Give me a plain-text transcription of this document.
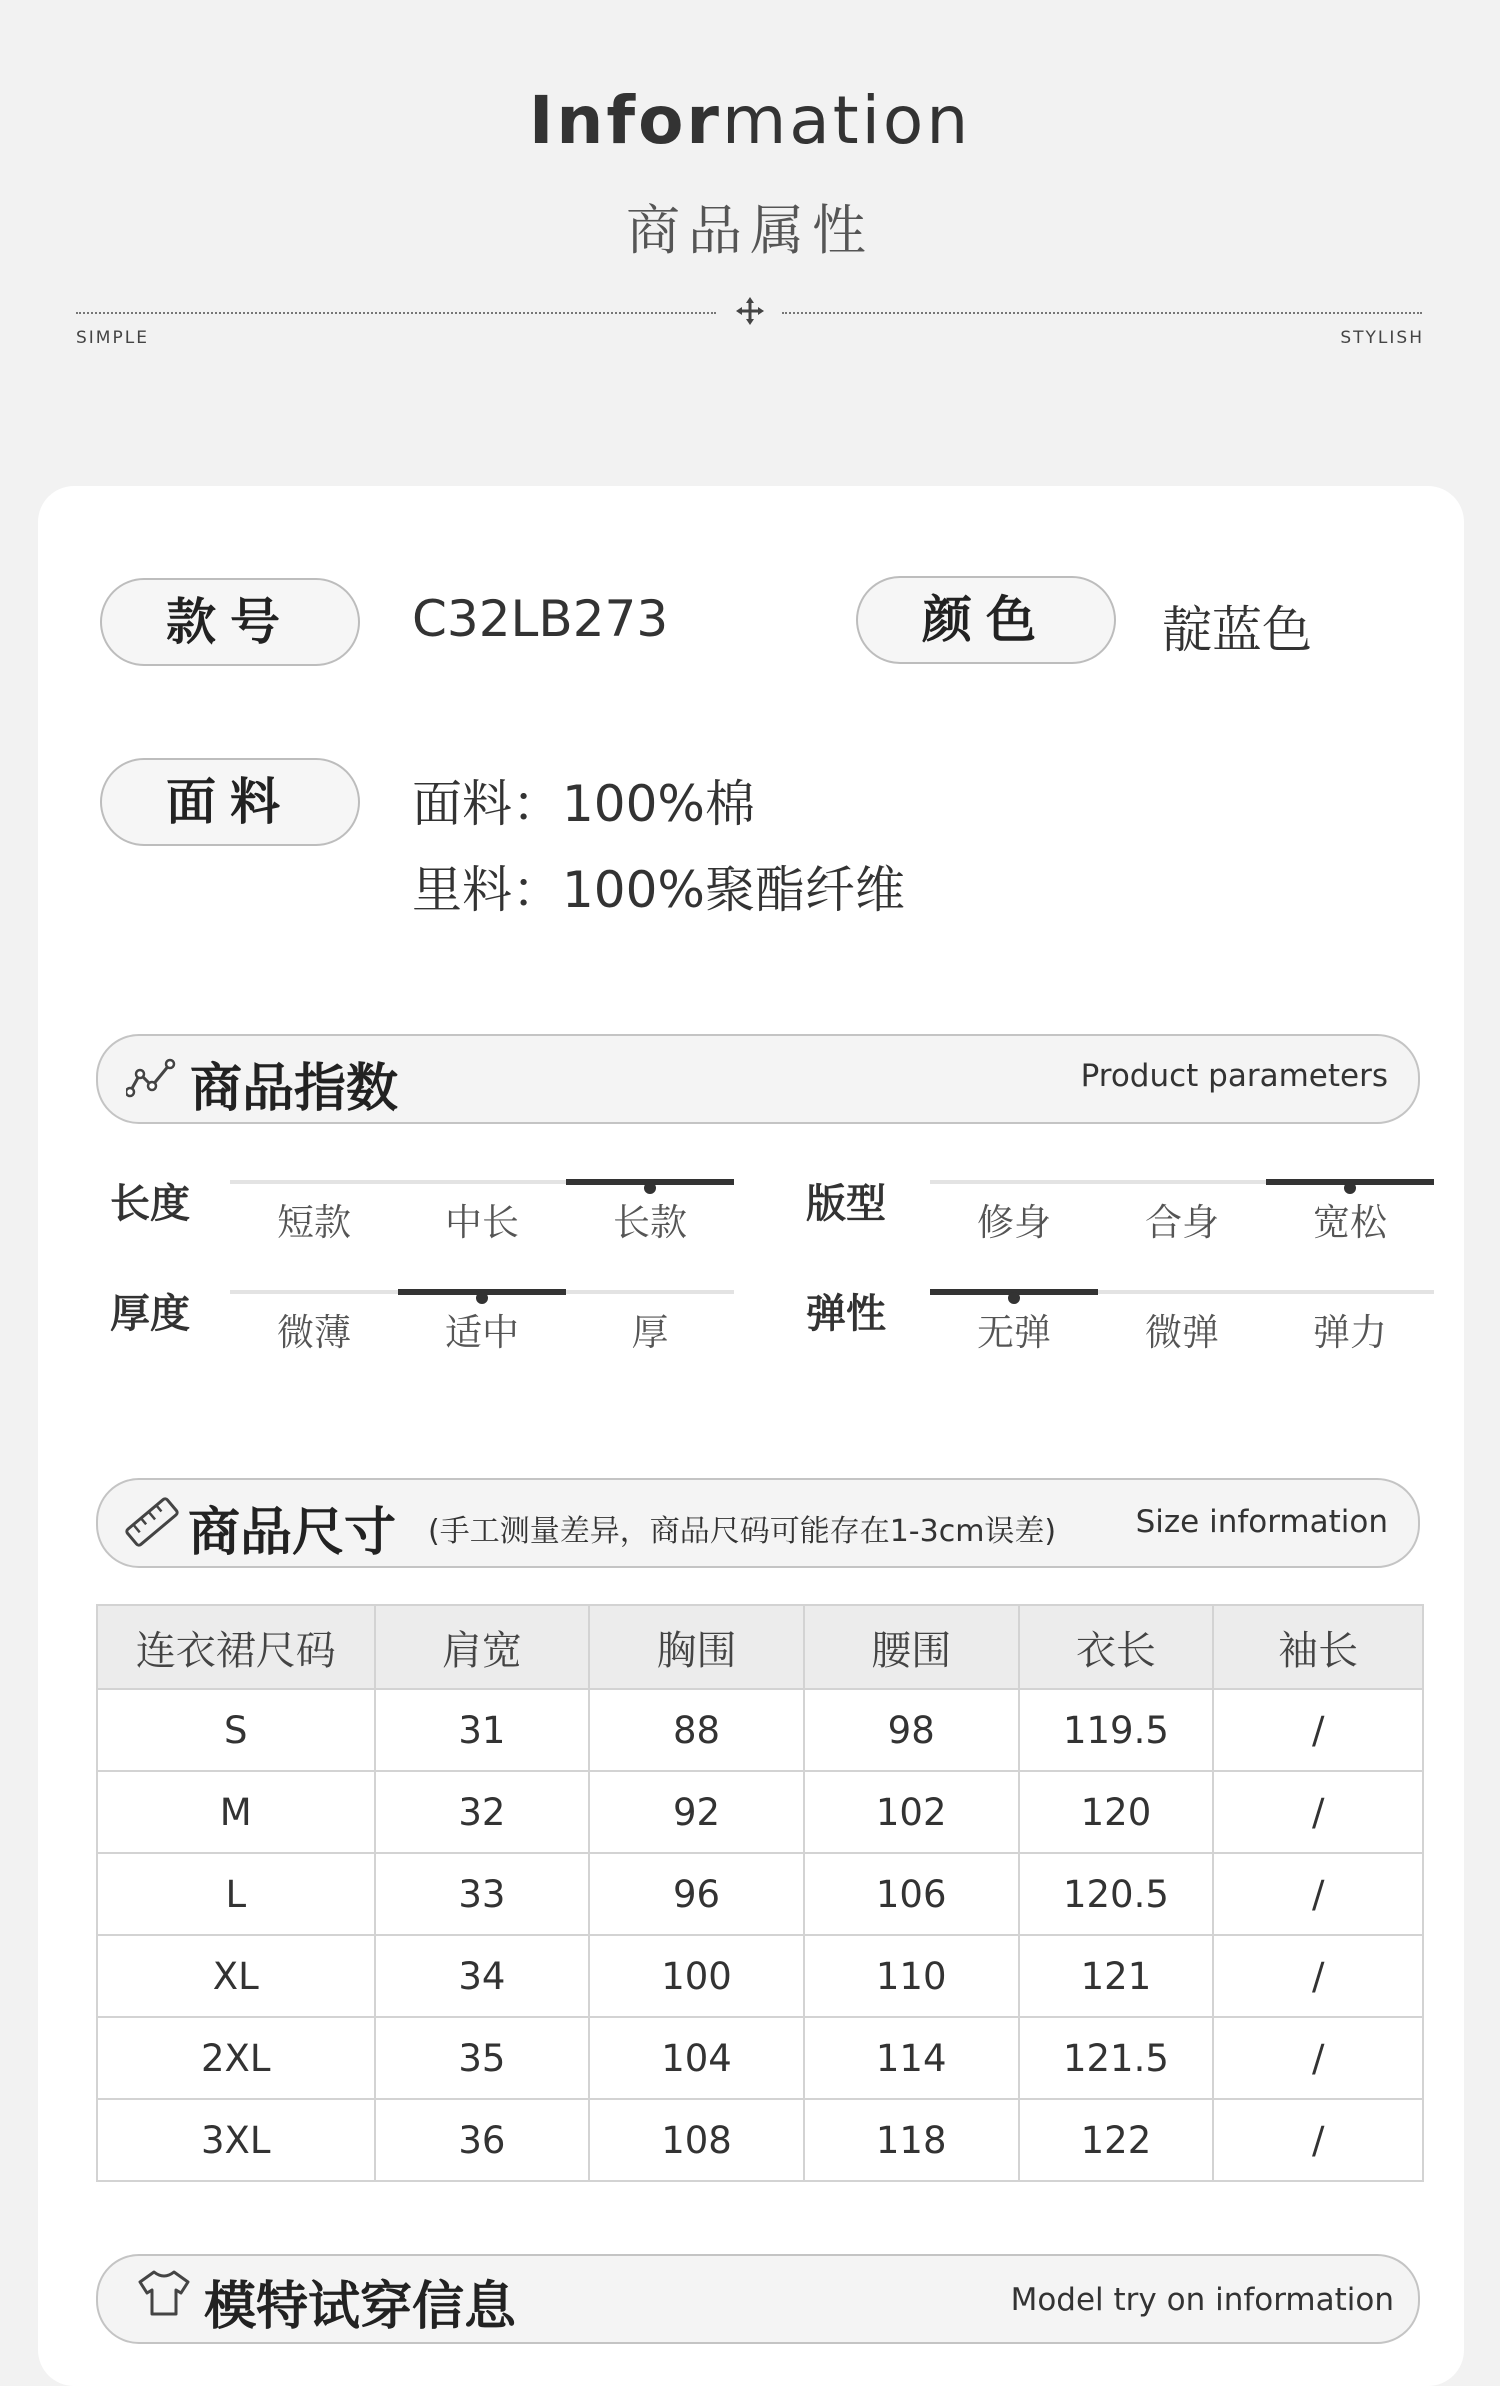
Information
商品属性
SIMPLE	STYLISH
款号	C32LB273	颜色	靛蓝色
面料	面料：100%棉
里料：100%聚酯纤维
商品指数	Product parameters
长度	短款	中长	长款	版型	修身	合身	宽松
厚度	微薄	适中	厚	弹性	无弹	微弹	弹力
商品尺寸 (手工测量差异，商品尺码可能存在1-3cm误差)	Size information
连衣裙尺码	肩宽	胸围	腰围	衣长	袖长
S	31	88	98	119.5	/
M	32	92	102	120	/
L	33	96	106	120.5	/
XL	34	100	110	121	/
2XL	35	104	114	121.5	/
3XL	36	108	118	122	/
模特试穿信息	Model try on information
